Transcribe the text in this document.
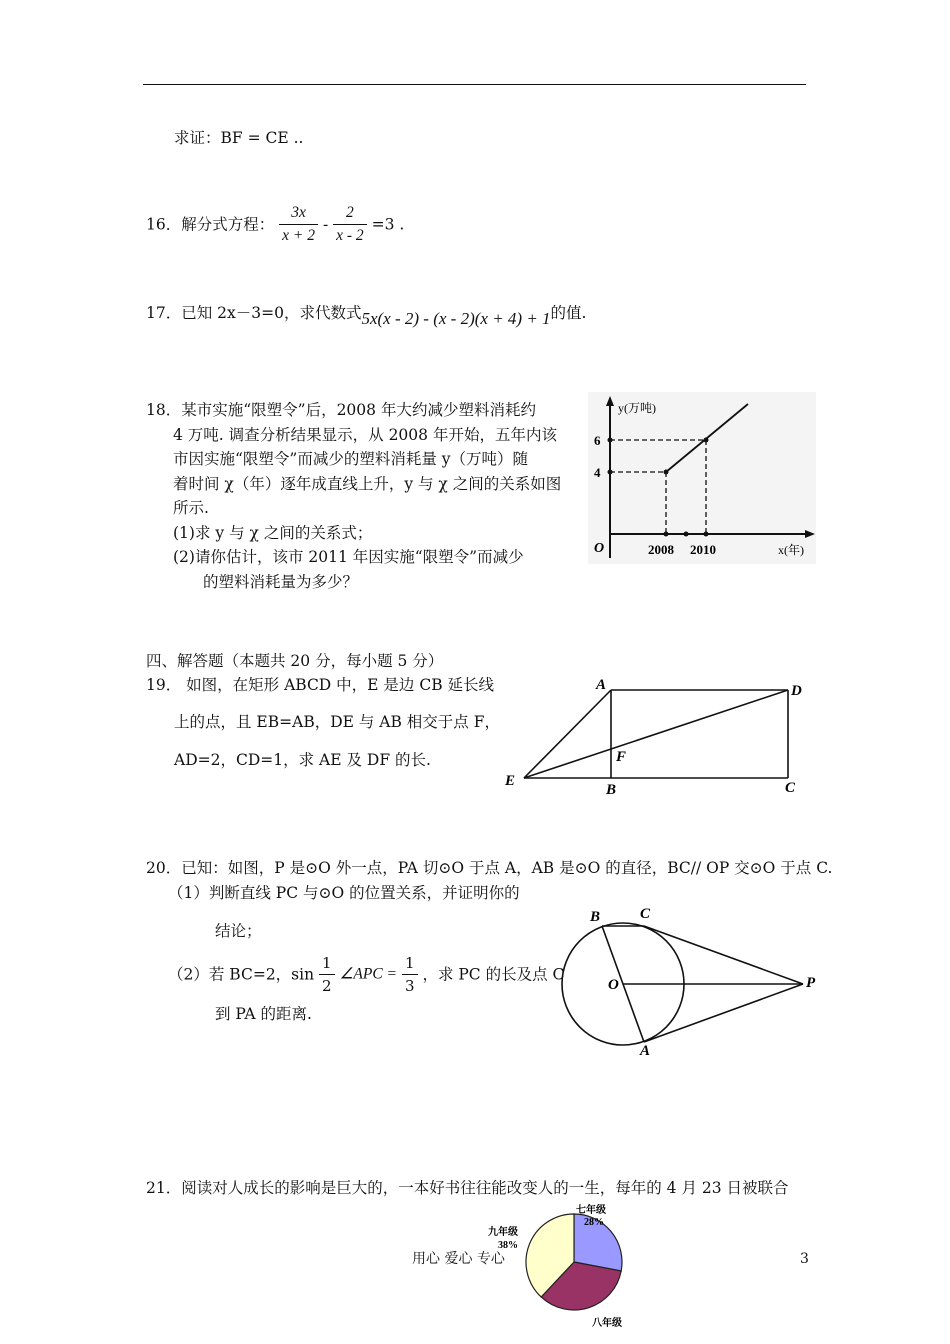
求证：BF = CE ..
16．解分式方程： $\frac{3x}{x + 2} - \frac{2}{x - 2} =3$ .
17．已知 2x－3=0，求代数式5x(x - 2) - (x - 2)(x + 4) + 1的值.
18．某市实施“限塑令”后，2008 年大约减少塑料消耗约
4 万吨. 调查分析结果显示，从 2008 年开始，五年内该
市因实施“限塑令”而减少的塑料消耗量 y（万吨）随
着时间 χ（年）逐年成直线上升，y 与 χ 之间的关系如图
所示.
(1)求 y 与 χ 之间的关系式；
(2)请你估计，该市 2011 年因实施“限塑令”而减少
的塑料消耗量为多少？
y(万吨)
6
4
O	2008 2010	x(年)
四、解答题（本题共 20 分，每小题 5 分）
19． 如图，在矩形 ABCD 中，E 是边 CB 延长线
上的点，且 EB=AB，DE 与 AB 相交于点 F，
AD=2，CD=1，求 AE 及 DF 的长.
A	D
F
E
B	C
20．已知：如图，P 是⊙O 外一点，PA 切⊙O 于点 A，AB 是⊙O 的直径，BC// OP 交⊙O 于点 C.
（1）判断直线 PC 与⊙O 的位置关系，并证明你的
结论；
（2）若 BC=2，$\sin \frac{1}{2}$ ∠APC = $\frac{1}{3}$ ，求 PC 的长及点 C
到 PA 的距离.
B	C
O	P
A
21．阅读对人成长的影响是巨大的，一本好书往往能改变人的一生，每年的 4 月 23 日被联合
七年级
28%
九年级
38%
八年级
用心 爱心 专心	3
